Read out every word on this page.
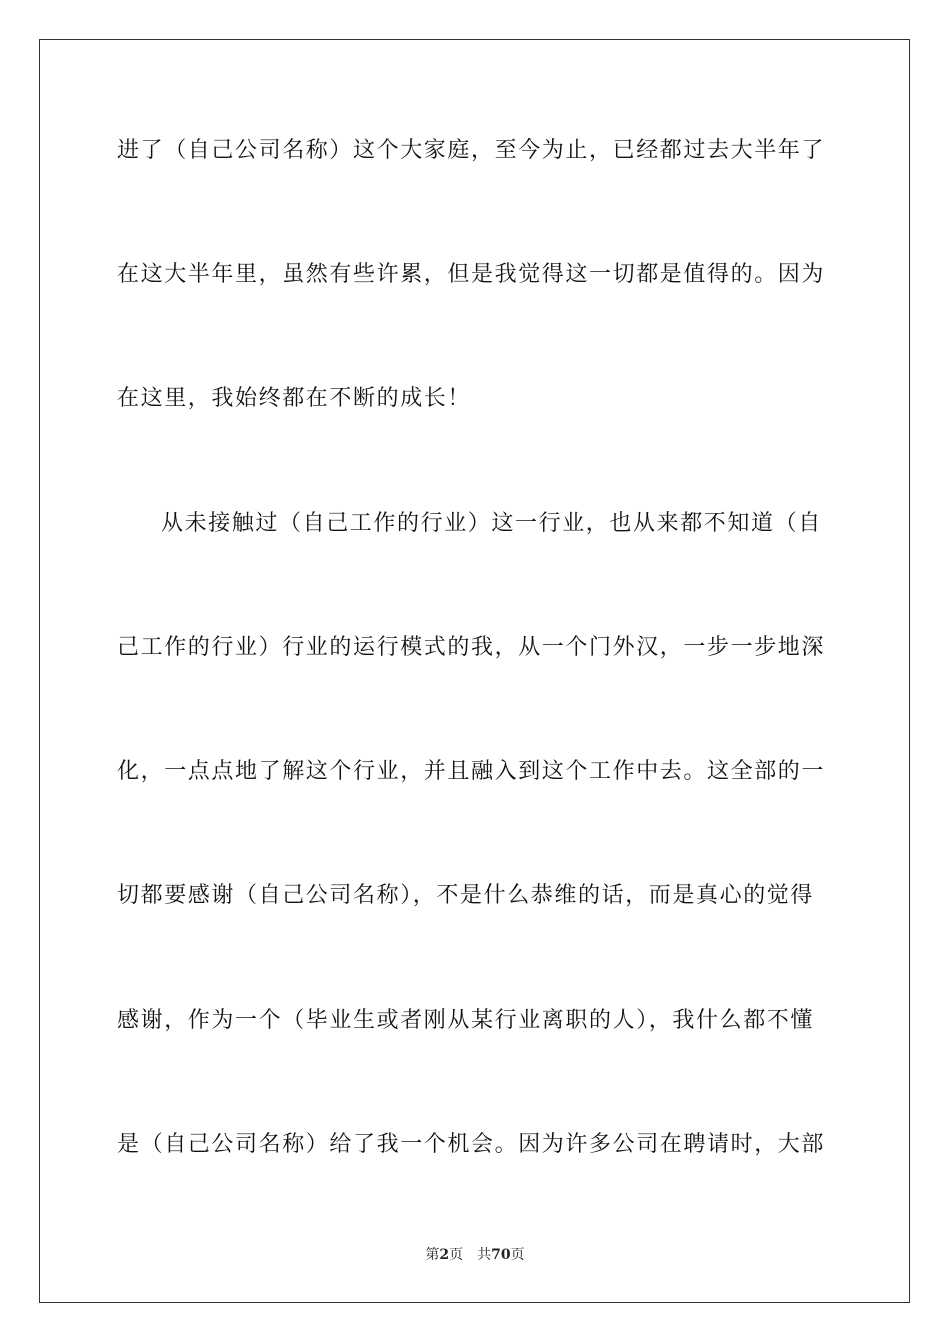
进了（自己公司名称）这个大家庭，至今为止，已经都过去大半年了
在这大半年里，虽然有些许累，但是我觉得这一切都是值得的。因为
在这里，我始终都在不断的成长！
从未接触过（自己工作的行业）这一行业，也从来都不知道（自
己工作的行业）行业的运行模式的我，从一个门外汉，一步一步地深
化，一点点地了解这个行业，并且融入到这个工作中去。这全部的一
切都要感谢（自己公司名称），不是什么恭维的话，而是真心的觉得
感谢，作为一个（毕业生或者刚从某行业离职的人），我什么都不懂
是（自己公司名称）给了我一个机会。因为许多公司在聘请时，大部
第2页 共70页
